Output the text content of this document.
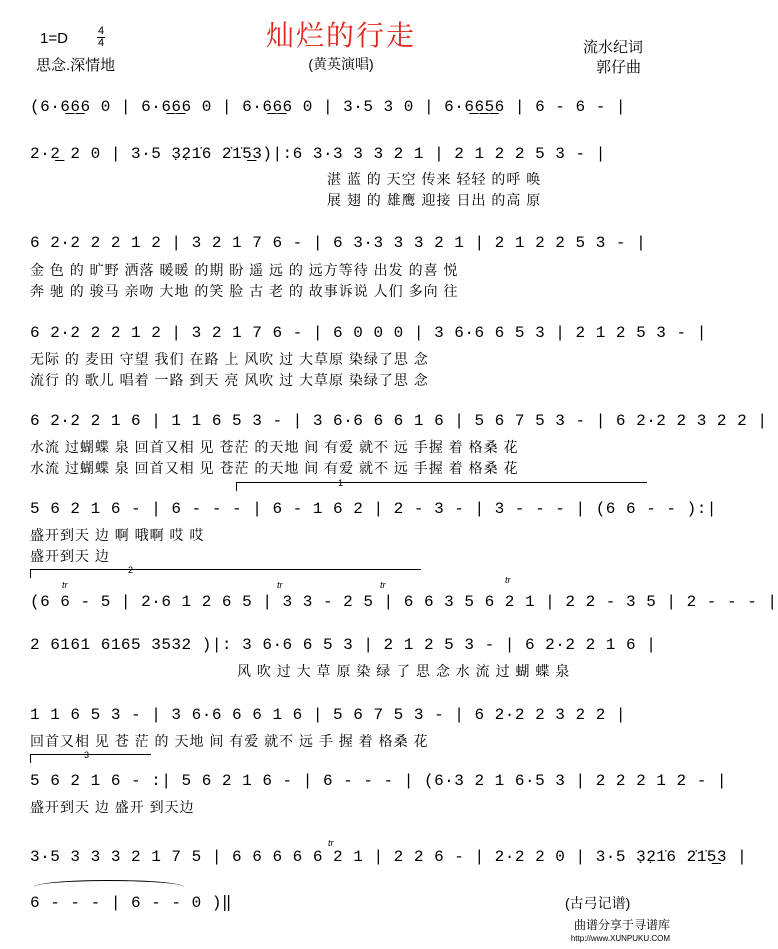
灿烂的行走
(黄英演唱)
1=D	4
4
思念.深情地
流水纪词
郭仔曲
(6·6̲6̲6 0 | 6·6̲6̲6 0 | 6·6̲6̲6 0 | 3·5 3 0 | 6·6̲6̲5̲6 | 6 - 6 - |
2·2̲ 2 0 | 3·5 3̣2̣1̇6 2̇1̇5̲3)|:6 3·3 3 3 2 1 | 2 1 2 2 5 3 - |
湛 蓝 的 天空 传来 轻轻 的呼 唤
展 翅 的 雄鹰 迎接 日出 的高 原
6 2·2 2 2 1 2 | 3 2 1 7 6 - | 6 3·3 3 3 2 1 | 2 1 2 2 5 3 - |
金 色 的 旷野 洒落 暖暖 的期 盼 遥 远 的 远方等待 出发 的喜 悦
奔 驰 的 骏马 亲吻 大地 的笑 脸 古 老 的 故事诉说 人们 多向 往
6 2·2 2 2 1 2 | 3 2 1 7 6 - | 6 0 0 0 | 3 6·6 6 5 3 | 2 1 2 5 3 - |
无际 的 麦田 守望 我们 在路 上 风吹 过 大草原 染绿了思 念
流行 的 歌儿 唱着 一路 到天 亮 风吹 过 大草原 染绿了思 念
6 2·2 2 1 6 | 1 1 6 5 3 - | 3 6·6 6 6 1 6 | 5 6 7 5 3 - | 6 2·2 2 3 2 2 |
水流 过蝴蝶 泉 回首又相 见 苍茫 的天地 间 有爱 就不 远 手握 着 格桑 花
水流 过蝴蝶 泉 回首又相 见 苍茫 的天地 间 有爱 就不 远 手握 着 格桑 花
1
5 6 2 1 6 - | 6 - - - | 6 - 1 6 2 | 2 - 3 - | 3 - - - | (6 6 - - ):|
盛开到天 边 啊 哦啊 哎 哎
盛开到天 边
2
tr	tr	tr	tr
(6 6 - 5 | 2·6 1 2 6 5 | 3 3 - 2 5 | 6 6 3 5 6 2 1 | 2 2 - 3 5 | 2 - - - |
2 6161 6165 3532 )|: 3 6·6 6 5 3 | 2 1 2 5 3 - | 6 2·2 2 1 6 |
风 吹 过 大 草 原 染 绿 了 思 念 水 流 过 蝴 蝶 泉
1 1 6 5 3 - | 3 6·6 6 6 1 6 | 5 6 7 5 3 - | 6 2·2 2 3 2 2 |
回首又相 见 苍 茫 的 天地 间 有爱 就不 远 手 握 着 格桑 花
3
5 6 2 1 6 - :| 5 6 2 1 6 - | 6 - - - | (6·3 2 1 6·5 3 | 2 2 2 1 2 - |
盛开到天 边 盛开 到天边
tr
3·5 3 3 3 2 1 7 5 | 6 6 6 6 6 2 1 | 2 2 6 - | 2·2 2 0 | 3·5 3̣2̣1̇6 2̇1̇5̲3 |
6 - - - | 6 - - 0 )‖	(古弓记谱)
曲谱分享于寻谱库
http://www.XUNPUKU.COM
